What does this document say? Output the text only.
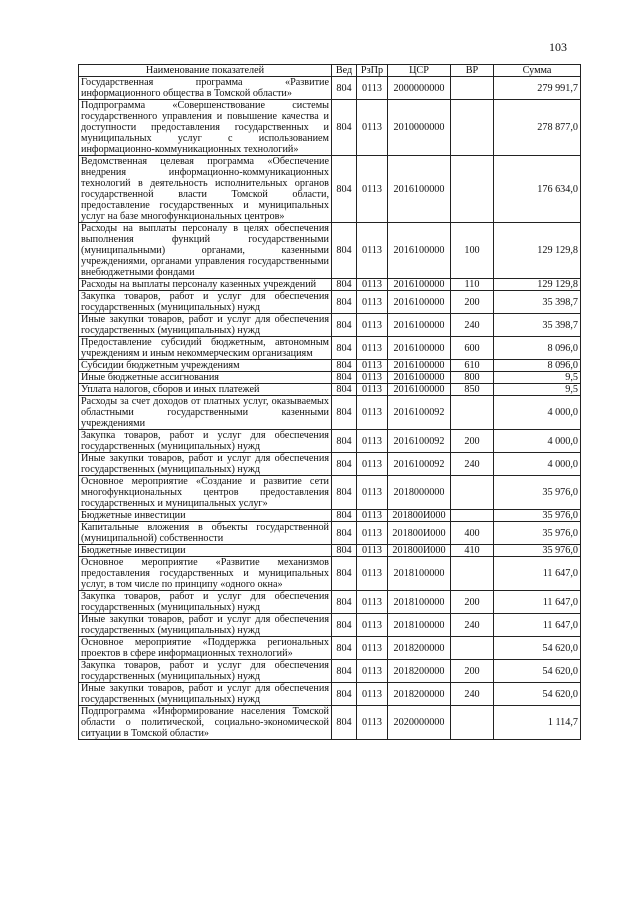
103
Наименование показателей	Вед	РзПр	ЦСР	ВР	Сумма
Государственная программа «Развитие информационного общества в Томской области»	804	0113	2000000000		279 991,7
Подпрограмма «Совершенствование системы государственного управления и повышение качества и доступности предоставления государственных и муниципальных услуг с использованием информационно-коммуникационных технологий»	804	0113	2010000000		278 877,0
Ведомственная целевая программа «Обеспечение внедрения информационно-коммуникационных технологий в деятельность исполнительных органов государственной власти Томской области, предоставление государственных и муниципальных услуг на базе многофункциональных центров»	804	0113	2016100000		176 634,0
Расходы на выплаты персоналу в целях обеспечения выполнения функций государственными (муниципальными) органами, казенными учреждениями, органами управления государственными внебюджетными фондами	804	0113	2016100000	100	129 129,8
Расходы на выплаты персоналу казенных учреждений	804	0113	2016100000	110	129 129,8
Закупка товаров, работ и услуг для обеспечения государственных (муниципальных) нужд	804	0113	2016100000	200	35 398,7
Иные закупки товаров, работ и услуг для обеспечения государственных (муниципальных) нужд	804	0113	2016100000	240	35 398,7
Предоставление субсидий бюджетным, автономным учреждениям и иным некоммерческим организациям	804	0113	2016100000	600	8 096,0
Субсидии бюджетным учреждениям	804	0113	2016100000	610	8 096,0
Иные бюджетные ассигнования	804	0113	2016100000	800	9,5
Уплата налогов, сборов и иных платежей	804	0113	2016100000	850	9,5
Расходы за счет доходов от платных услуг, оказываемых областными государственными казенными учреждениями	804	0113	2016100092		4 000,0
Закупка товаров, работ и услуг для обеспечения государственных (муниципальных) нужд	804	0113	2016100092	200	4 000,0
Иные закупки товаров, работ и услуг для обеспечения государственных (муниципальных) нужд	804	0113	2016100092	240	4 000,0
Основное мероприятие «Создание и развитие сети многофункциональных центров предоставления государственных и муниципальных услуг»	804	0113	2018000000		35 976,0
Бюджетные инвестиции	804	0113	201800И000		35 976,0
Капитальные вложения в объекты государственной (муниципальной) собственности	804	0113	201800И000	400	35 976,0
Бюджетные инвестиции	804	0113	201800И000	410	35 976,0
Основное мероприятие «Развитие механизмов предоставления государственных и муниципальных услуг, в том числе по принципу «одного окна»	804	0113	2018100000		11 647,0
Закупка товаров, работ и услуг для обеспечения государственных (муниципальных) нужд	804	0113	2018100000	200	11 647,0
Иные закупки товаров, работ и услуг для обеспечения государственных (муниципальных) нужд	804	0113	2018100000	240	11 647,0
Основное мероприятие «Поддержка региональных проектов в сфере информационных технологий»	804	0113	2018200000		54 620,0
Закупка товаров, работ и услуг для обеспечения государственных (муниципальных) нужд	804	0113	2018200000	200	54 620,0
Иные закупки товаров, работ и услуг для обеспечения государственных (муниципальных) нужд	804	0113	2018200000	240	54 620,0
Подпрограмма «Информирование населения Томской области о политической, социально-экономической ситуации в Томской области»	804	0113	2020000000		1 114,7
